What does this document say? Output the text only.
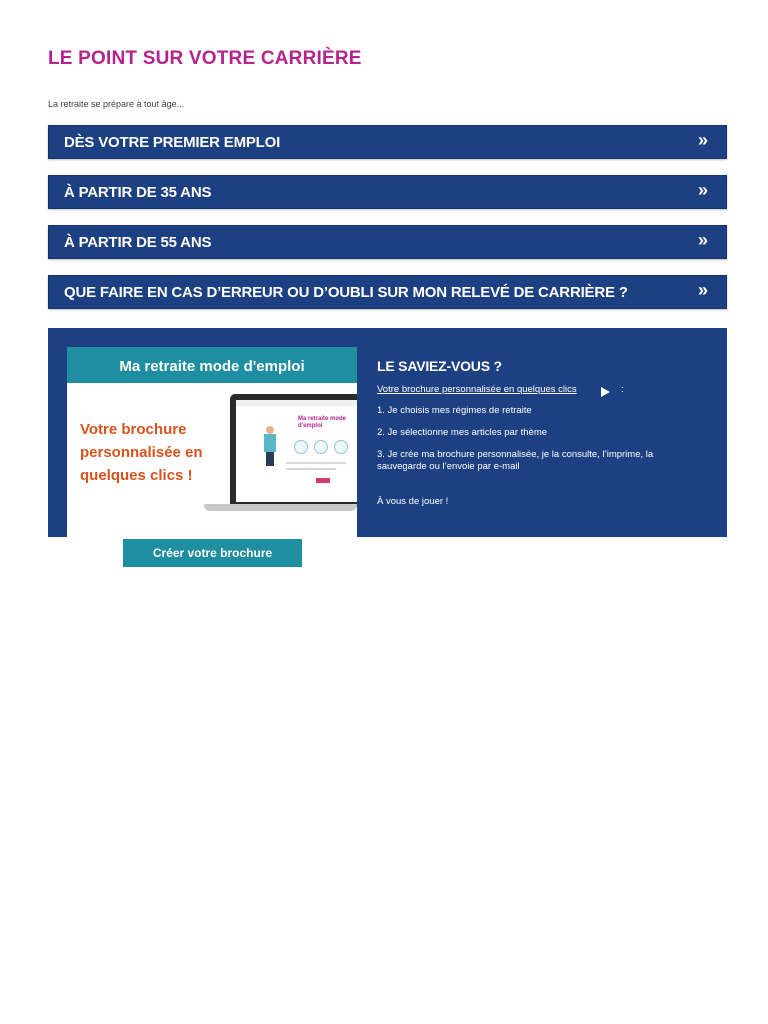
LE POINT SUR VOTRE CARRIÈRE
La retraite se prépare à tout âge...
DÈS VOTRE PREMIER EMPLOI	»
À PARTIR DE 35 ANS	»
À PARTIR DE 55 ANS	»
QUE FAIRE EN CAS D’ERREUR OU D’OUBLI SUR MON RELEVÉ DE CARRIÈRE ?	»
Ma retraite mode d'emploi
Votre brochure personnalisée en quelques clics !
Ma retraite mode d'emploi
Créer votre brochure
LE SAVIEZ-VOUS ?
Votre brochure personnalisée en quelques clics	:
1. Je choisis mes régimes de retraite
2. Je sélectionne mes articles par thème
3. Je crée ma brochure personnalisée, je la consulte, l’imprime, la sauvegarde ou l’envoie par e-mail
À vous de jouer !
